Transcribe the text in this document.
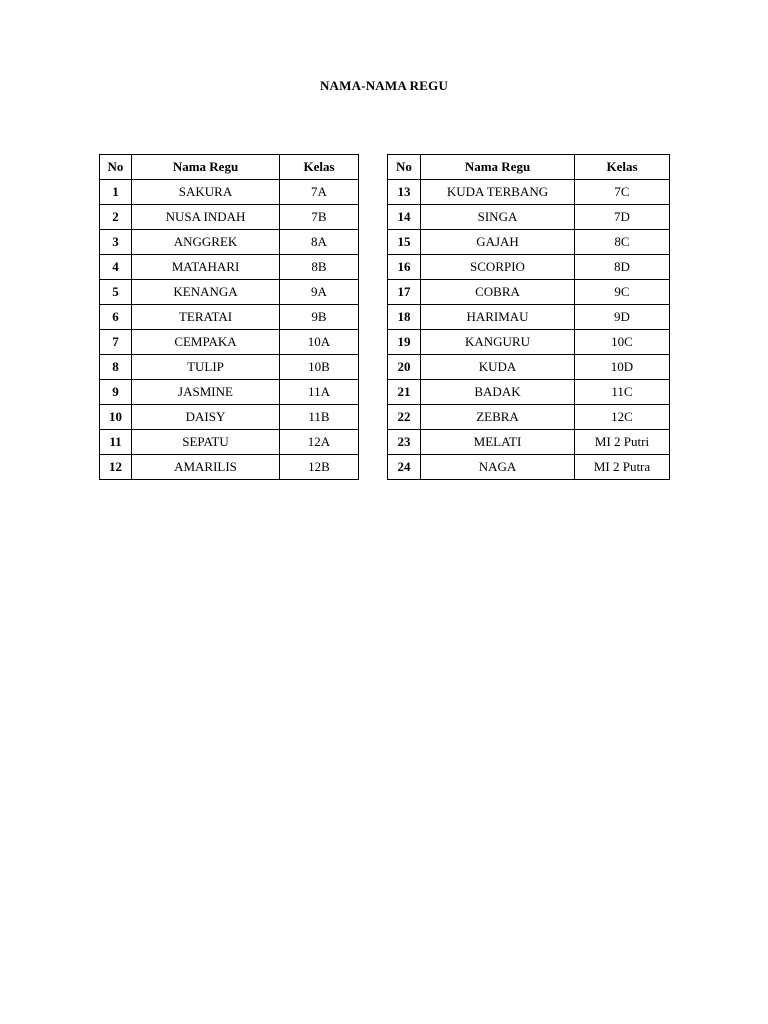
NAMA-NAMA REGU
No	Nama Regu	Kelas
1	SAKURA	7A
2	NUSA INDAH	7B
3	ANGGREK	8A
4	MATAHARI	8B
5	KENANGA	9A
6	TERATAI	9B
7	CEMPAKA	10A
8	TULIP	10B
9	JASMINE	11A
10	DAISY	11B
11	SEPATU	12A
12	AMARILIS	12B
No	Nama Regu	Kelas
13	KUDA TERBANG	7C
14	SINGA	7D
15	GAJAH	8C
16	SCORPIO	8D
17	COBRA	9C
18	HARIMAU	9D
19	KANGURU	10C
20	KUDA	10D
21	BADAK	11C
22	ZEBRA	12C
23	MELATI	MI 2 Putri
24	NAGA	MI 2 Putra
